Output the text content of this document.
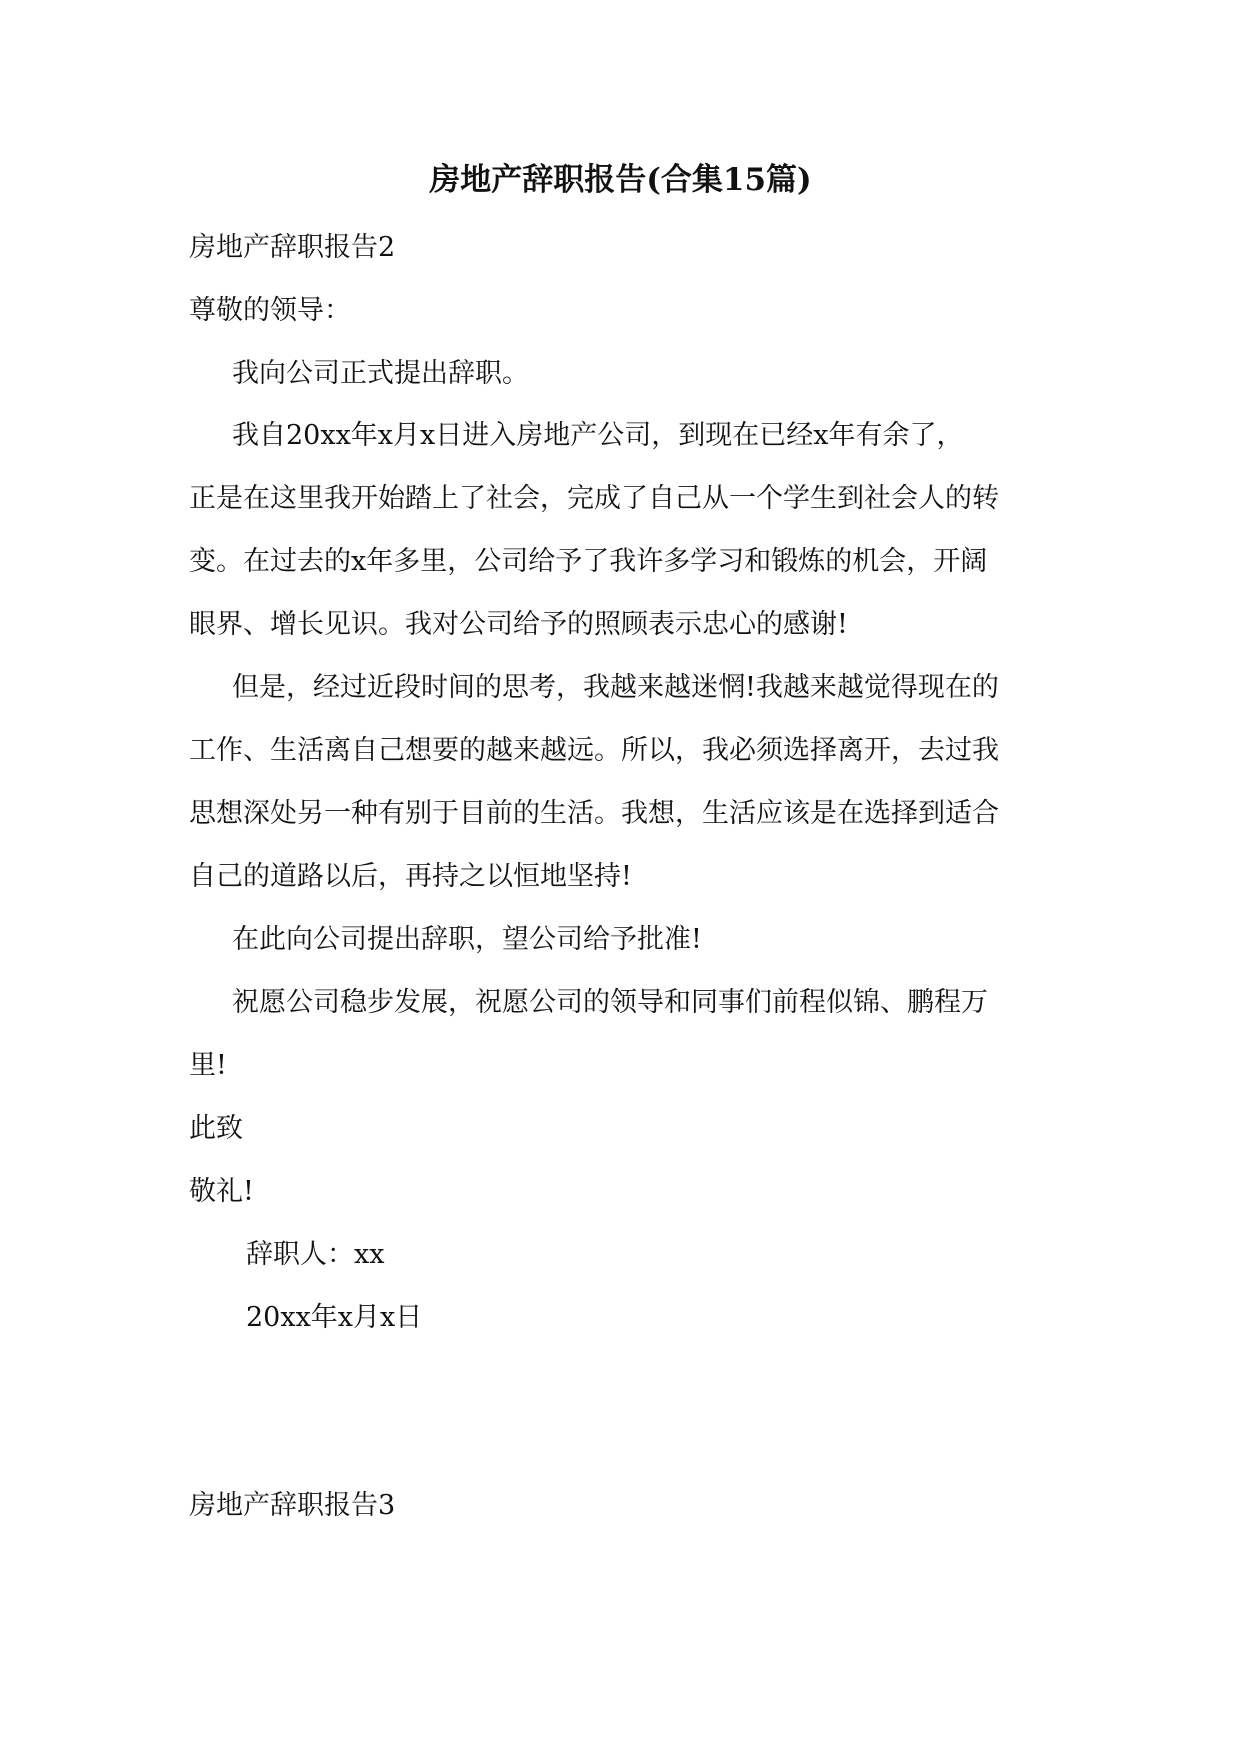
房地产辞职报告(合集15篇)
房地产辞职报告2
尊敬的领导：
我向公司正式提出辞职。
我自20xx年x月x日进入房地产公司，到现在已经x年有余了，
正是在这里我开始踏上了社会，完成了自己从一个学生到社会人的转
变。在过去的x年多里，公司给予了我许多学习和锻炼的机会，开阔
眼界、增长见识。我对公司给予的照顾表示忠心的感谢!
但是，经过近段时间的思考，我越来越迷惘!我越来越觉得现在的
工作、生活离自己想要的越来越远。所以，我必须选择离开，去过我
思想深处另一种有别于目前的生活。我想，生活应该是在选择到适合
自己的道路以后，再持之以恒地坚持!
在此向公司提出辞职，望公司给予批准!
祝愿公司稳步发展，祝愿公司的领导和同事们前程似锦、鹏程万
里!
此致
敬礼!
辞职人：xx
20xx年x月x日
房地产辞职报告3
